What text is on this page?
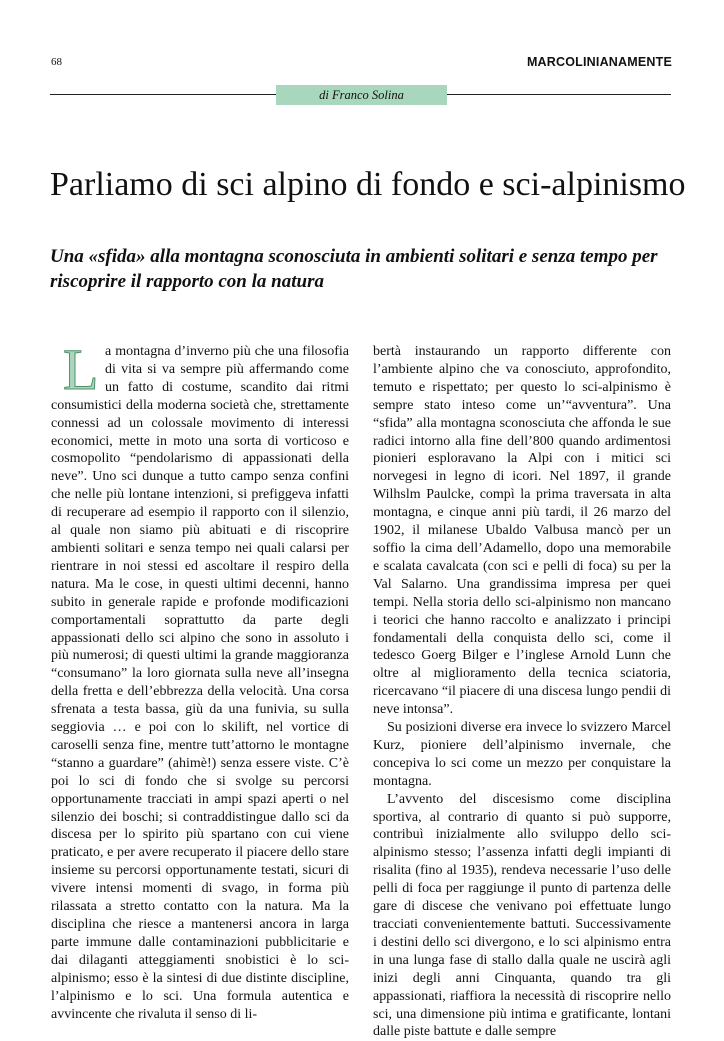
68	MARCOLINIANAMENTE
di Franco Solina
Parliamo di sci alpino di fondo e sci-alpinismo
Una «sfida» alla montagna sconosciuta in ambienti solitari e senza tempo per riscoprire il rapporto con la natura

La montagna d’inverno più che una filosofia di vita si va sempre più affermando come un fatto di costume, scandito dai ritmi consumistici della moderna società che, strettamente connessi ad un colossale movimento di interessi economici, mette in moto una sorta di vorticoso e cosmopolito “pendolarismo di appassionati della neve”. Uno sci dunque a tutto campo senza confini che nelle più lontane intenzioni, si prefiggeva infatti di recuperare ad esempio il rapporto con il silenzio, al quale non siamo più abituati e di riscoprire ambienti solitari e senza tempo nei quali calarsi per rientrare in noi stessi ed ascoltare il respiro della natura. Ma le cose, in questi ultimi decenni, hanno subito in generale rapide e profonde modificazioni comportamentali soprattutto da parte degli appassionati dello sci alpino che sono in assoluto i più numerosi; di questi ultimi la grande maggioranza “consumano” la loro giornata sulla neve all’insegna della fretta e dell’ebbrezza della velocità. Una corsa sfrenata a testa bassa, giù da una funivia, su sulla seggiovia … e poi con lo skilift, nel vortice di caroselli senza fine, mentre tutt’attorno le montagne “stanno a guardare” (ahimè!) senza essere viste. C’è poi lo sci di fondo che si svolge su percorsi opportunamente tracciati in ampi spazi aperti o nel silenzio dei boschi; si contraddistingue dallo sci da discesa per lo spirito più spartano con cui viene praticato, e per avere recuperato il piacere dello stare insieme su percorsi opportunamente testati, sicuri di vivere intensi momenti di svago, in forma più rilassata a stretto contatto con la natura. Ma la disciplina che riesce a mantenersi ancora in larga parte immune dalle contaminazioni pubblicitarie e dai dilaganti atteggiamenti snobistici è lo sci-alpinismo; esso è la sintesi di due distinte discipline, l’alpinismo e lo sci. Una formula autentica e avvincente che rivaluta il senso di li-

bertà instaurando un rapporto differente con l’ambiente alpino che va conosciuto, approfondito, temuto e rispettato; per questo lo sci-alpinismo è sempre stato inteso come un’“avventura”. Una “sfida” alla montagna sconosciuta che affonda le sue radici intorno alla fine dell’800 quando ardimentosi pionieri esploravano la Alpi con i mitici sci norvegesi in legno di icori. Nel 1897, il grande Wilhslm Paulcke, compì la prima traversata in alta montagna, e cinque anni più tardi, il 26 marzo del 1902, il milanese Ubaldo Valbusa mancò per un soffio la cima dell’Adamello, dopo una memorabile e scalata cavalcata (con sci e pelli di foca) su per la Val Salarno. Una grandissima impresa per quei tempi. Nella storia dello sci-alpinismo non mancano i teorici che hanno raccolto e analizzato i principi fondamentali della conquista dello sci, come il tedesco Goerg Bilger e l’inglese Arnold Lunn che oltre al miglioramento della tecnica sciatoria, ricercavano “il piacere di una discesa lungo pendii di neve intonsa”.

Su posizioni diverse era invece lo svizzero Marcel Kurz, pioniere dell’alpinismo invernale, che concepiva lo sci come un mezzo per conquistare la montagna.

L’avvento del discesismo come disciplina sportiva, al contrario di quanto si può supporre, contribuì inizialmente allo sviluppo dello sci-alpinismo stesso; l’assenza infatti degli impianti di risalita (fino al 1935), rendeva necessarie l’uso delle pelli di foca per raggiunge il punto di partenza delle gare di discese che venivano poi effettuate lungo tracciati convenientemente battuti. Successivamente i destini dello sci divergono, e lo sci alpinismo entra in una lunga fase di stallo dalla quale ne uscirà agli inizi degli anni Cinquanta, quando tra gli appassionati, riaffiora la necessità di riscoprire nello sci, una dimensione più intima e gratificante, lontani dalle piste battute e dalle sempre
